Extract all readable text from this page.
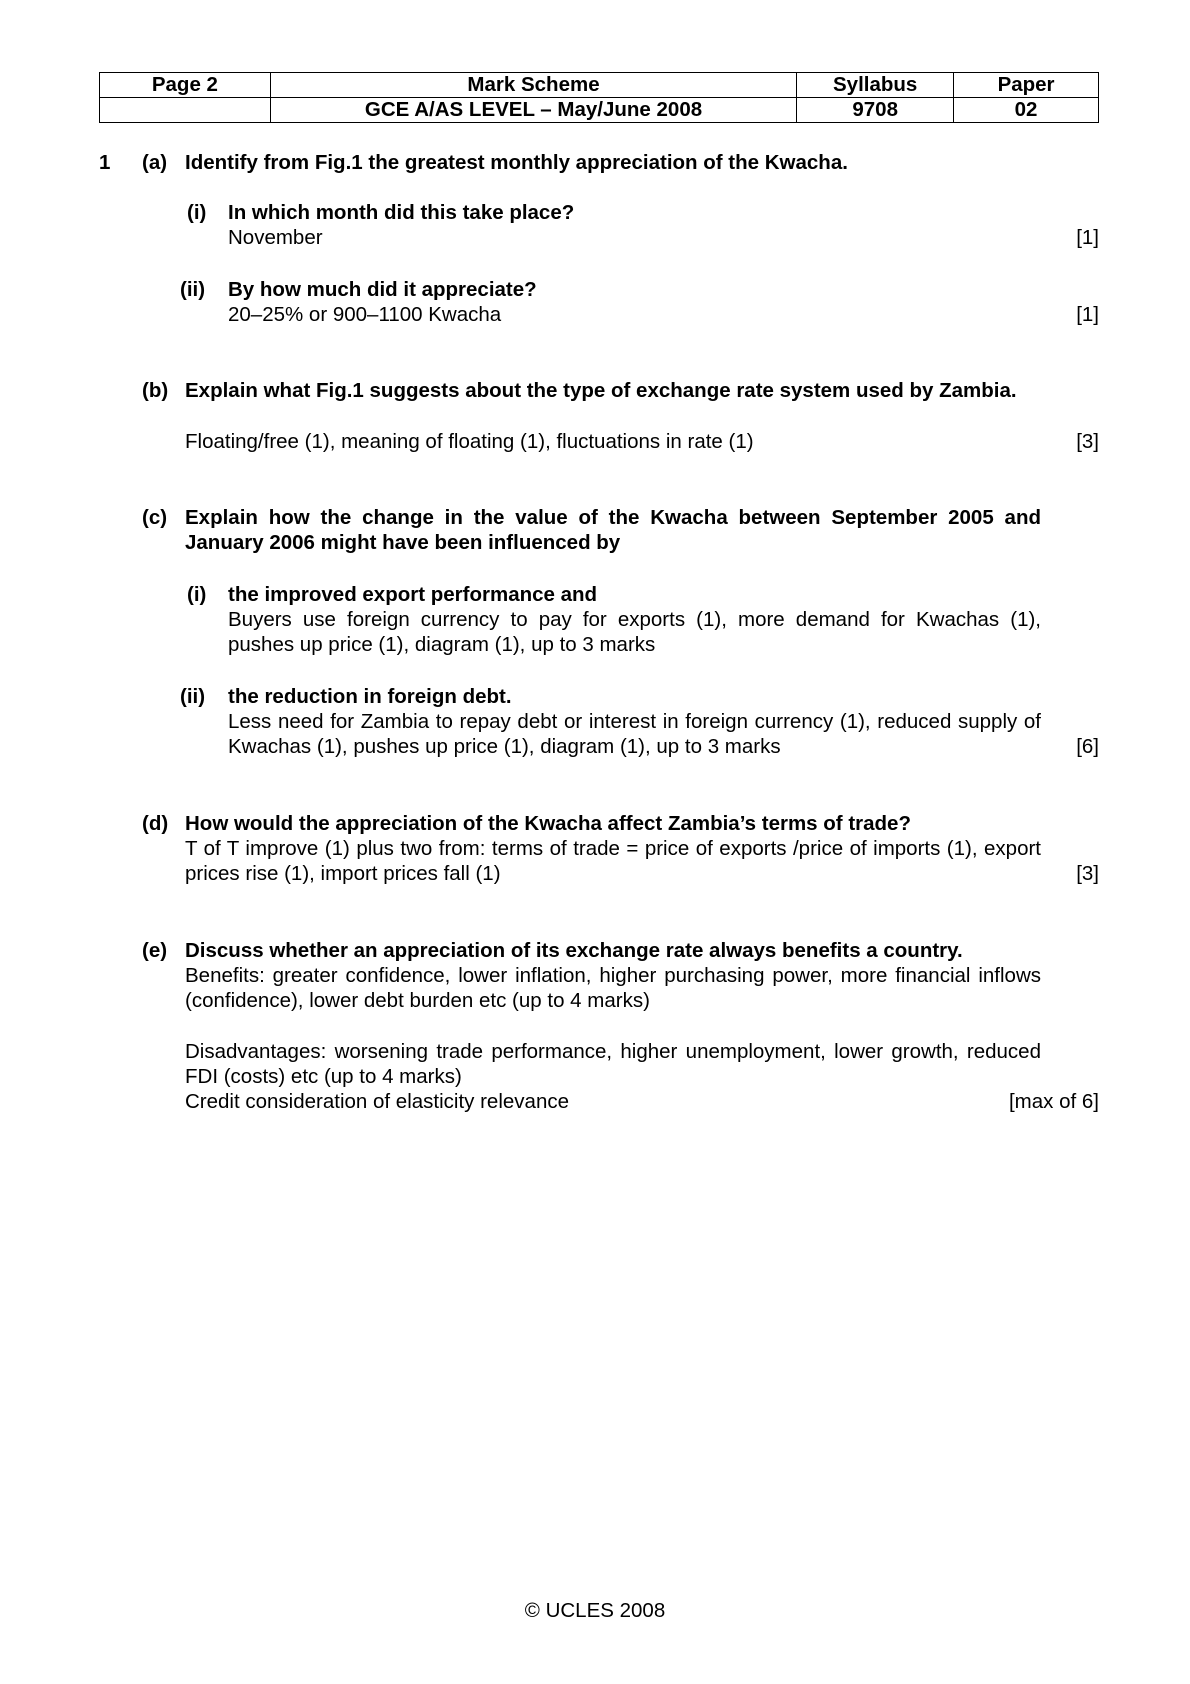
Page 2	Mark Scheme	Syllabus	Paper
	GCE A/AS LEVEL – May/June 2008	9708	02
1 (a) Identify from Fig.1 the greatest monthly appreciation of the Kwacha.
(i) In which month did this take place?
November	[1]
(ii) By how much did it appreciate?
20–25% or 900–1100 Kwacha	[1]
(b) Explain what Fig.1 suggests about the type of exchange rate system used by Zambia.
Floating/free (1), meaning of floating (1), fluctuations in rate (1)	[3]
(c) Explain how the change in the value of the Kwacha between September 2005 and January 2006 might have been influenced by
(i) the improved export performance and
Buyers use foreign currency to pay for exports (1), more demand for Kwachas (1), pushes up price (1), diagram (1), up to 3 marks
(ii) the reduction in foreign debt.
Less need for Zambia to repay debt or interest in foreign currency (1), reduced supply of Kwachas (1), pushes up price (1), diagram (1), up to 3 marks	[6]
(d) How would the appreciation of the Kwacha affect Zambia’s terms of trade?
T of T improve (1) plus two from: terms of trade = price of exports /price of imports (1), export prices rise (1), import prices fall (1)	[3]
(e) Discuss whether an appreciation of its exchange rate always benefits a country.
Benefits: greater confidence, lower inflation, higher purchasing power, more financial inflows (confidence), lower debt burden etc (up to 4 marks)
Disadvantages: worsening trade performance, higher unemployment, lower growth, reduced FDI (costs) etc (up to 4 marks)
Credit consideration of elasticity relevance	[max of 6]
© UCLES 2008
